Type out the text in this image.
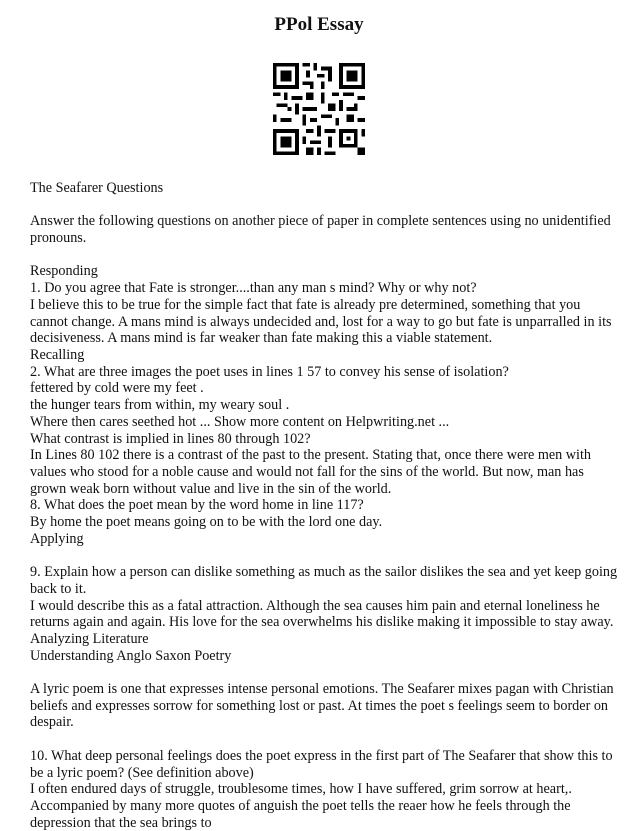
PPol Essay

The Seafarer Questions

Answer the following questions on another piece of paper in complete sentences using no unidentified pronouns.

Responding

1. Do you agree that Fate is stronger....than any man s mind? Why or why not?

I believe this to be true for the simple fact that fate is already pre determined, something that you cannot change. A mans mind is always undecided and, lost for a way to go but fate is unparralled in its decisiveness. A mans mind is far weaker than fate making this a viable statement.

Recalling

2. What are three images the poet uses in lines 1 57 to convey his sense of isolation?

fettered by cold were my feet .

the hunger tears from within, my weary soul .

Where then cares seethed hot ... Show more content on Helpwriting.net ...

What contrast is implied in lines 80 through 102?

In Lines 80 102 there is a contrast of the past to the present. Stating that, once there were men with values who stood for a noble cause and would not fall for the sins of the world. But now, man has grown weak born without value and live in the sin of the world.

8. What does the poet mean by the word home in line 117?

By home the poet means going on to be with the lord one day.

Applying

9. Explain how a person can dislike something as much as the sailor dislikes the sea and yet keep going back to it.

I would describe this as a fatal attraction. Although the sea causes him pain and eternal loneliness he returns again and again. His love for the sea overwhelms his dislike making it impossible to stay away.

Analyzing Literature

Understanding Anglo Saxon Poetry

A lyric poem is one that expresses intense personal emotions. The Seafarer mixes pagan with Christian beliefs and expresses sorrow for something lost or past. At times the poet s feelings seem to border on despair.

10. What deep personal feelings does the poet express in the first part of The Seafarer that show this to be a lyric poem? (See definition above)

I often endured days of struggle, troublesome times, how I have suffered, grim sorrow at heart,. Accompanied by many more quotes of anguish the poet tells the reaer how he feels through the depression that the sea brings to
